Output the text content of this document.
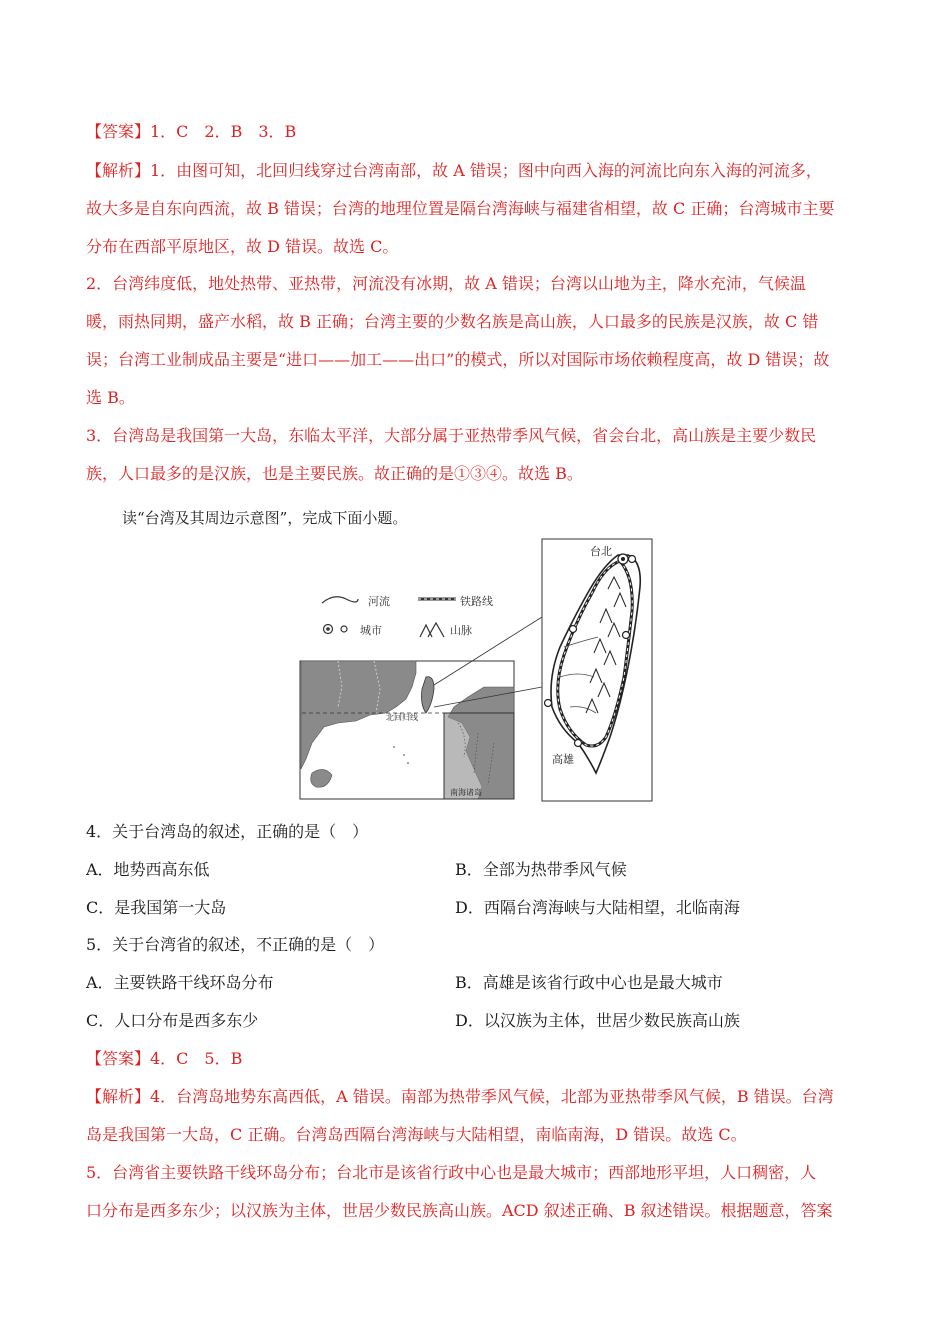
【答案】1．C　2．B　3．B
【解析】1．由图可知，北回归线穿过台湾南部，故 A 错误；图中向西入海的河流比向东入海的河流多，
故大多是自东向西流，故 B 错误；台湾的地理位置是隔台湾海峡与福建省相望，故 C 正确；台湾城市主要
分布在西部平原地区，故 D 错误。故选 C。
2．台湾纬度低，地处热带、亚热带，河流没有冰期，故 A 错误；台湾以山地为主，降水充沛，气候温
暖，雨热同期，盛产水稻，故 B 正确；台湾主要的少数名族是高山族，人口最多的民族是汉族，故 C 错
误；台湾工业制成品主要是“进口——加工——出口”的模式，所以对国际市场依赖程度高，故 D 错误；故
选 B。
3．台湾岛是我国第一大岛，东临太平洋，大部分属于亚热带季风气候，省会台北，高山族是主要少数民
族，人口最多的是汉族，也是主要民族。故正确的是①③④。故选 B。
读“台湾及其周边示意图”，完成下面小题。
河流	铁路线
城市	山脉
南海诸岛
北回归线
台北
高雄
4．关于台湾岛的叙述，正确的是（　）
A．地势西高东低	B．全部为热带季风气候
C．是我国第一大岛	D．西隔台湾海峡与大陆相望，北临南海
5．关于台湾省的叙述，不正确的是（　）
A．主要铁路干线环岛分布	B．高雄是该省行政中心也是最大城市
C．人口分布是西多东少	D．以汉族为主体，世居少数民族高山族
【答案】4．C　5．B
【解析】4．台湾岛地势东高西低，A 错误。南部为热带季风气候，北部为亚热带季风气候，B 错误。台湾
岛是我国第一大岛，C 正确。台湾岛西隔台湾海峡与大陆相望，南临南海，D 错误。故选 C。
5．台湾省主要铁路干线环岛分布；台北市是该省行政中心也是最大城市；西部地形平坦，人口稠密，人
口分布是西多东少；以汉族为主体，世居少数民族高山族。ACD 叙述正确、B 叙述错误。根据题意，答案
